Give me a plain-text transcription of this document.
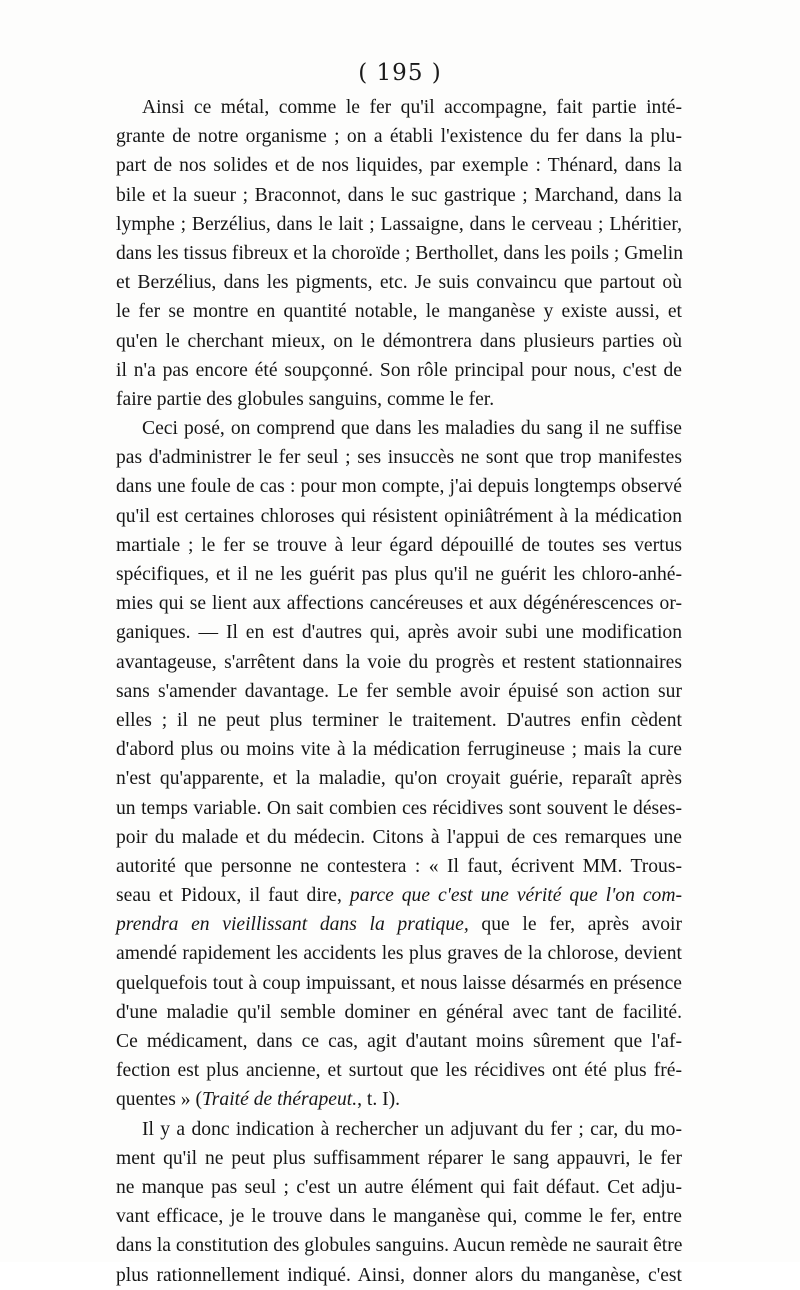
( 195 )
Ainsi ce métal, comme le fer qu'il accompagne, fait partie inté-
grante de notre organisme ; on a établi l'existence du fer dans la plu-
part de nos solides et de nos liquides, par exemple : Thénard, dans la
bile et la sueur ; Braconnot, dans le suc gastrique ; Marchand, dans la
lymphe ; Berzélius, dans le lait ; Lassaigne, dans le cerveau ; Lhéritier,
dans les tissus fibreux et la choroïde ; Berthollet, dans les poils ; Gmelin
et Berzélius, dans les pigments, etc. Je suis convaincu que partout où
le fer se montre en quantité notable, le manganèse y existe aussi, et
qu'en le cherchant mieux, on le démontrera dans plusieurs parties où
il n'a pas encore été soupçonné. Son rôle principal pour nous, c'est de
faire partie des globules sanguins, comme le fer.
Ceci posé, on comprend que dans les maladies du sang il ne suffise
pas d'administrer le fer seul ; ses insuccès ne sont que trop manifestes
dans une foule de cas : pour mon compte, j'ai depuis longtemps observé
qu'il est certaines chloroses qui résistent opiniâtrément à la médication
martiale ; le fer se trouve à leur égard dépouillé de toutes ses vertus
spécifiques, et il ne les guérit pas plus qu'il ne guérit les chloro-anhé-
mies qui se lient aux affections cancéreuses et aux dégénérescences or-
ganiques. — Il en est d'autres qui, après avoir subi une modification
avantageuse, s'arrêtent dans la voie du progrès et restent stationnaires
sans s'amender davantage. Le fer semble avoir épuisé son action sur
elles ; il ne peut plus terminer le traitement. D'autres enfin cèdent
d'abord plus ou moins vite à la médication ferrugineuse ; mais la cure
n'est qu'apparente, et la maladie, qu'on croyait guérie, reparaît après
un temps variable. On sait combien ces récidives sont souvent le déses-
poir du malade et du médecin. Citons à l'appui de ces remarques une
autorité que personne ne contestera : « Il faut, écrivent MM. Trous-
seau et Pidoux, il faut dire, parce que c'est une vérité que l'on com-
prendra en vieillissant dans la pratique, que le fer, après avoir
amendé rapidement les accidents les plus graves de la chlorose, devient
quelquefois tout à coup impuissant, et nous laisse désarmés en présence
d'une maladie qu'il semble dominer en général avec tant de facilité.
Ce médicament, dans ce cas, agit d'autant moins sûrement que l'af-
fection est plus ancienne, et surtout que les récidives ont été plus fré-
quentes » (Traité de thérapeut., t. I).
Il y a donc indication à rechercher un adjuvant du fer ; car, du mo-
ment qu'il ne peut plus suffisamment réparer le sang appauvri, le fer
ne manque pas seul ; c'est un autre élément qui fait défaut. Cet adju-
vant efficace, je le trouve dans le manganèse qui, comme le fer, entre
dans la constitution des globules sanguins. Aucun remède ne saurait être
plus rationnellement indiqué. Ainsi, donner alors du manganèse, c'est
